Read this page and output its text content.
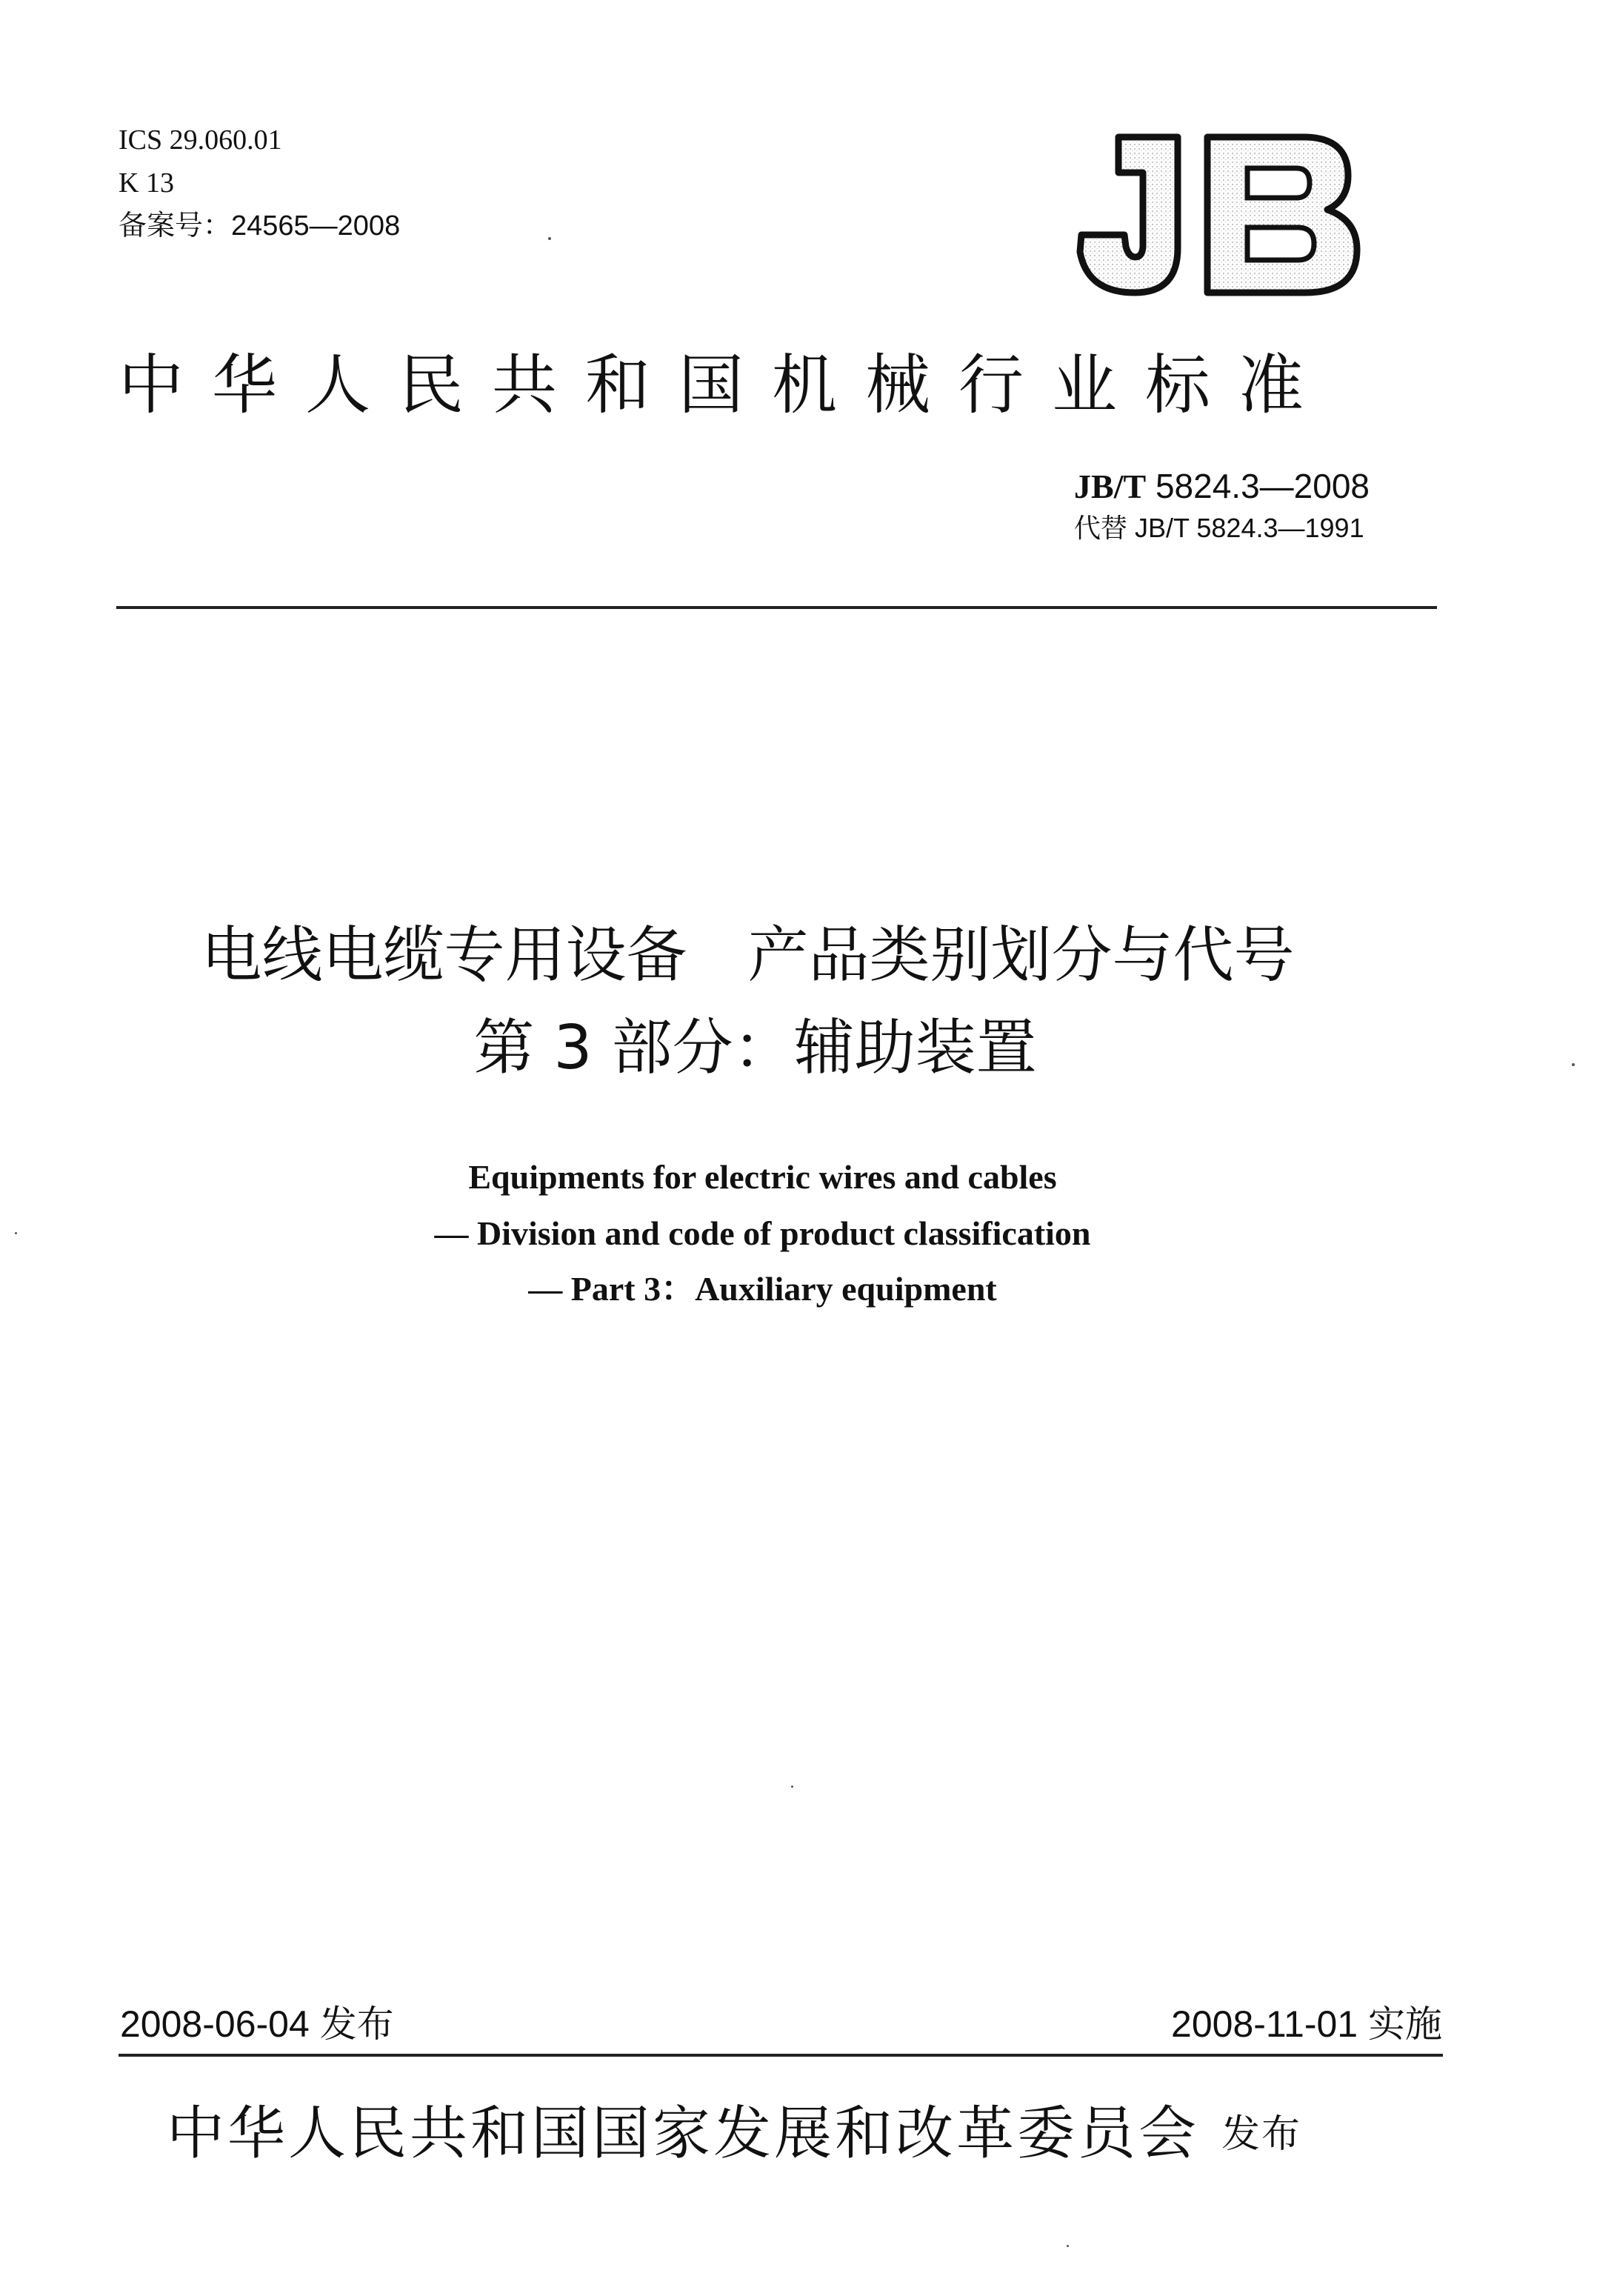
ICS 29.060.01
K 13
备案号：24565—2008
中华人民共和国机械行业标准
JB/T 5824.3—2008
代替 JB/T 5824.3—1991
电线电缆专用设备　产品类别划分与代号
第 3 部分：辅助装置
Equipments for electric wires and cables
— Division and code of product classification
— Part 3：Auxiliary equipment
2008-06-04 发布	2008-11-01 实施
中华人民共和国国家发展和改革委员会 发布
